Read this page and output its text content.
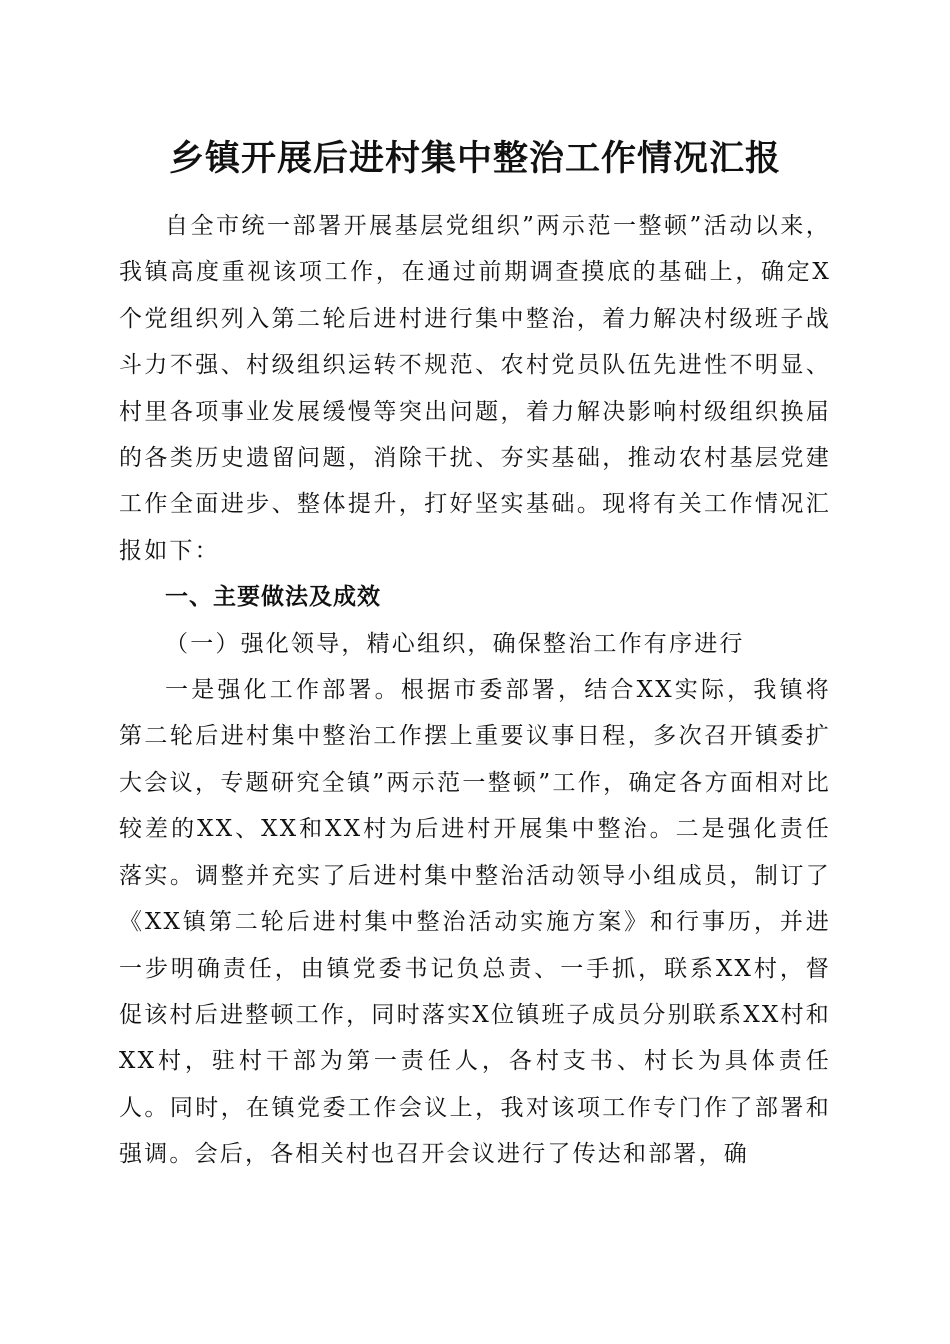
乡镇开展后进村集中整治工作情况汇报

自全市统一部署开展基层党组织”两示范一整顿”活动以来，我镇高度重视该项工作，在通过前期调查摸底的基础上，确定X个党组织列入第二轮后进村进行集中整治，着力解决村级班子战斗力不强、村级组织运转不规范、农村党员队伍先进性不明显、村里各项事业发展缓慢等突出问题，着力解决影响村级组织换届的各类历史遗留问题，消除干扰、夯实基础，推动农村基层党建工作全面进步、整体提升，打好坚实基础。现将有关工作情况汇报如下：

一、主要做法及成效

（一）强化领导，精心组织，确保整治工作有序进行

一是强化工作部署。根据市委部署，结合XX实际，我镇将第二轮后进村集中整治工作摆上重要议事日程，多次召开镇委扩大会议，专题研究全镇”两示范一整顿”工作，确定各方面相对比较差的XX、XX和XX村为后进村开展集中整治。二是强化责任落实。调整并充实了后进村集中整治活动领导小组成员，制订了《XX镇第二轮后进村集中整治活动实施方案》和行事历，并进一步明确责任，由镇党委书记负总责、一手抓，联系XX村，督促该村后进整顿工作，同时落实X位镇班子成员分别联系XX村和XX村，驻村干部为第一责任人，各村支书、村长为具体责任人。同时，在镇党委工作会议上，我对该项工作专门作了部署和强调。会后，各相关村也召开会议进行了传达和部署，确
